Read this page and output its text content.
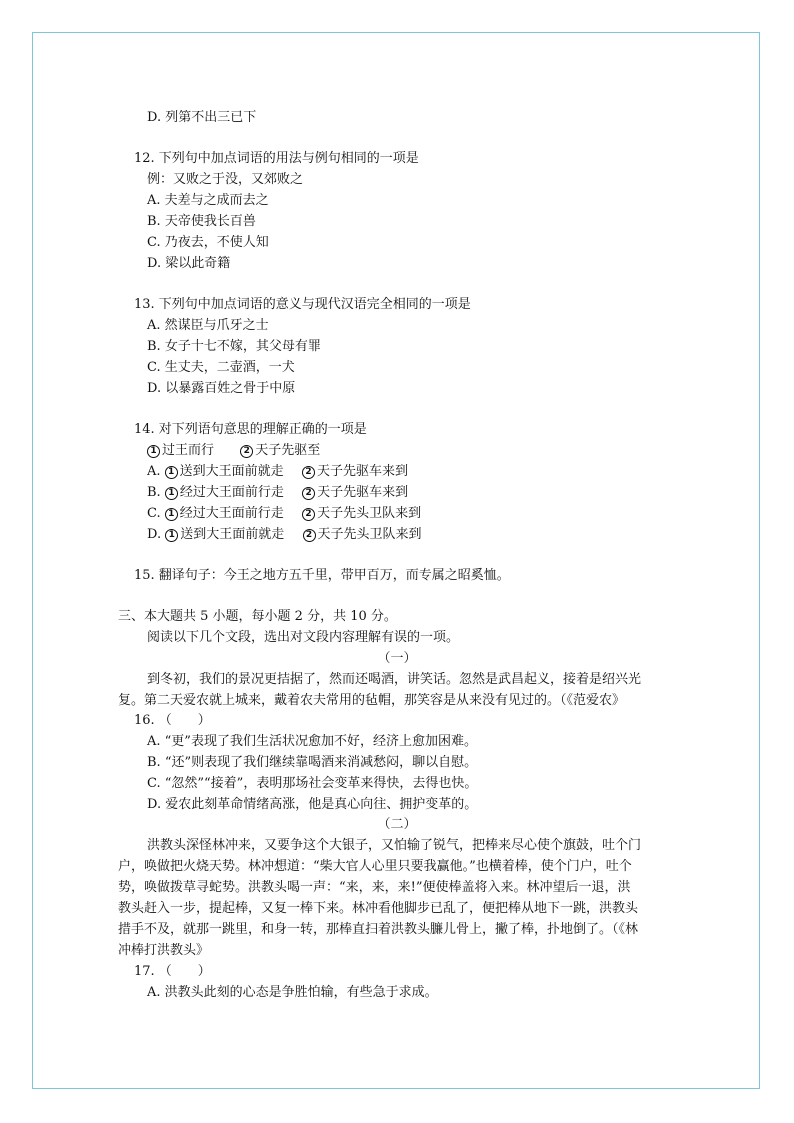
D. 列第不出三已下
12. 下列句中加点词语的用法与例句相同的一项是
例：又败之于没，又郊败之
A. 夫差与之成而去之
B. 天帝使我长百兽
C. 乃夜去，不使人知
D. 梁以此奇籍
13. 下列句中加点词语的意义与现代汉语完全相同的一项是
A. 然谋臣与爪牙之士
B. 女子十七不嫁，其父母有罪
C. 生丈夫，二壶酒，一犬
D. 以暴露百姓之骨于中原
14. 对下列语句意思的理解正确的一项是
1 过王而行	2 天子先驱至
A. 1 送到大王面前就走 2 天子先驱车来到
B. 1 经过大王面前行走 2 天子先驱车来到
C. 1 经过大王面前行走 2 天子先头卫队来到
D. 1 送到大王面前就走 2 天子先头卫队来到
15. 翻译句子：今王之地方五千里，带甲百万，而专属之昭奚恤。
三、本大题共 5 小题，每小题 2 分，共 10 分。
阅读以下几个文段，选出对文段内容理解有误的一项。
（一）
到冬初，我们的景况更拮据了，然而还喝酒，讲笑话。忽然是武昌起义，接着是绍兴光
复。第二天爱农就上城来，戴着农夫常用的毡帽，那笑容是从来没有见过的。（《范爱农》
16. （　　）
A. “更”表现了我们生活状况愈加不好，经济上愈加困难。
B. “还”则表现了我们继续靠喝酒来消减愁闷，聊以自慰。
C. “忽然”“接着”，表明那场社会变革来得快，去得也快。
D. 爱农此刻革命情绪高涨，他是真心向往、拥护变革的。
（二）
洪教头深怪林冲来，又要争这个大银子，又怕输了锐气，把棒来尽心使个旗鼓，吐个门
户，唤做把火烧天势。林冲想道：“柴大官人心里只要我赢他。”也横着棒，使个门户，吐个
势，唤做拨草寻蛇势。洪教头喝一声：“来，来，来!”便使棒盖将入来。林冲望后一退，洪
教头赶入一步，提起棒，又复一棒下来。林冲看他脚步已乱了，便把棒从地下一跳，洪教头
措手不及，就那一跳里，和身一转，那棒直扫着洪教头臁儿骨上，撇了棒，扑地倒了。（《林
冲棒打洪教头》
17. （　　）
A. 洪教头此刻的心态是争胜怕输，有些急于求成。
